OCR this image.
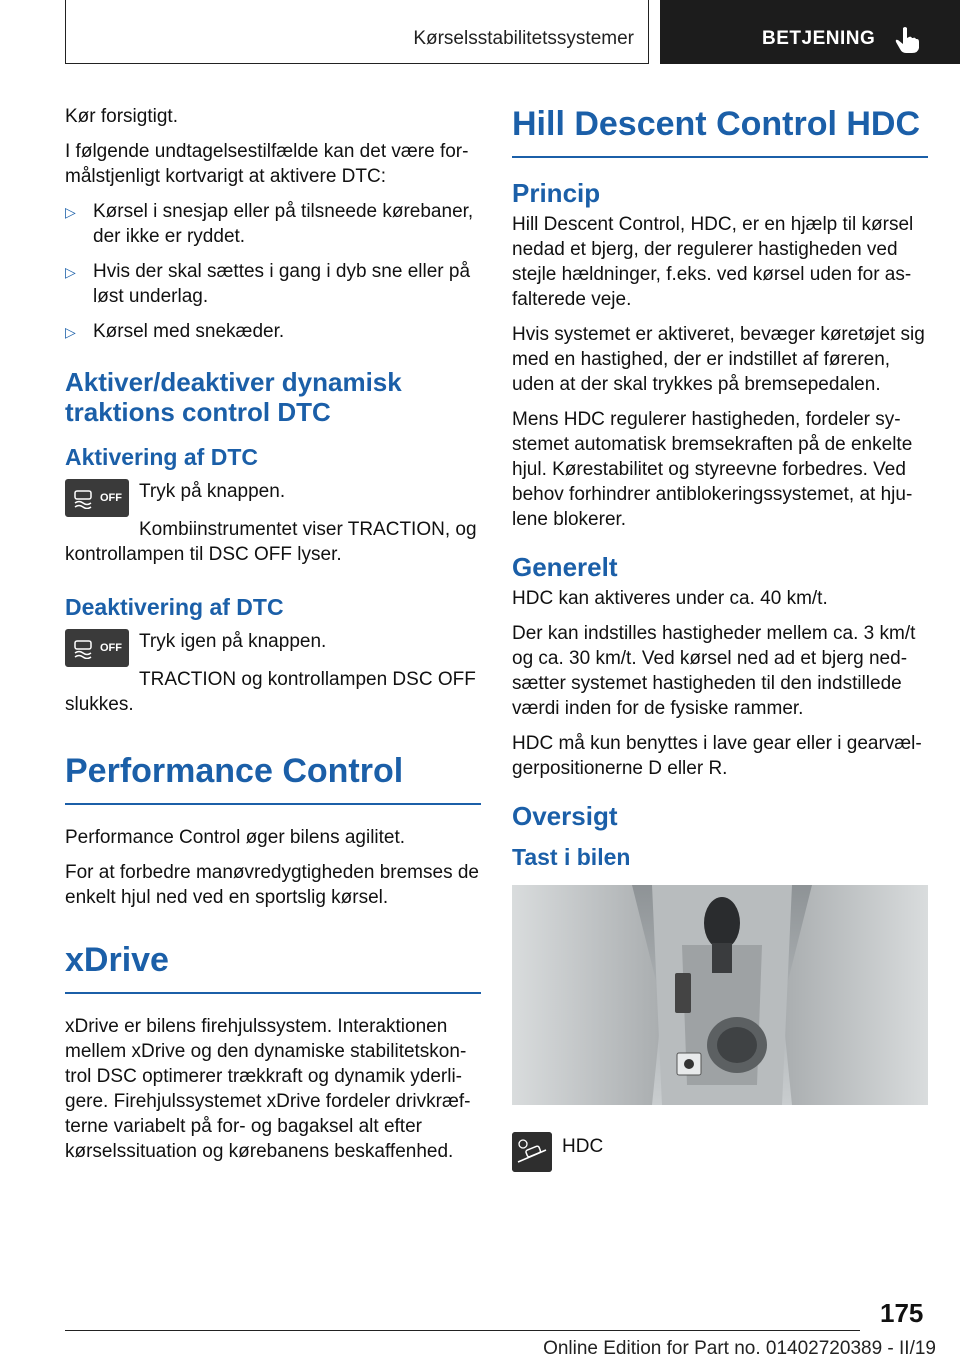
Kørselsstabilitetssystemer	BETJENING

Kør forsigtigt.

I følgende undtagelsestilfælde kan det være formålstjenligt kortvarigt at aktivere DTC:

▷ Kørsel i snesjap eller på tilsneede kørebaner, der ikke er ryddet.
▷ Hvis der skal sættes i gang i dyb sne eller på løst underlag.
▷ Kørsel med snekæder.
Aktiver/deaktiver dynamisk traktions control DTC
Aktivering af DTC
OFF Tryk på knappen.

Kombiinstrumentet viser TRACTION, og kontrollampen til DSC OFF lyser.

Deaktivering af DTC
OFF Tryk igen på knappen.

TRACTION og kontrollampen DSC OFF slukkes.

Performance Control

Performance Control øger bilens agilitet.

For at forbedre manøvredygtigheden bremses de enkelt hjul ned ved en sportslig kørsel.

xDrive

xDrive er bilens firehjulssystem. Interaktionen mellem xDrive og den dynamiske stabilitetskontrol DSC optimerer trækkraft og dynamik yderligere. Firehjulssystemet xDrive fordeler drivkræfterne variabelt på for- og bagaksel alt efter kørselssituation og kørebanens beskaffenhed.

Hill Descent Control HDC
Princip

Hill Descent Control, HDC, er en hjælp til kørsel nedad et bjerg, der regulerer hastigheden ved stejle hældninger, f.eks. ved kørsel uden for asfalterede veje.

Hvis systemet er aktiveret, bevæger køretøjet sig med en hastighed, der er indstillet af føreren, uden at der skal trykkes på bremsepedalen.

Mens HDC regulerer hastigheden, fordeler systemet automatisk bremsekraften på de enkelte hjul. Kørestabilitet og styreevne forbedres. Ved behov forhindrer antiblokeringssystemet, at hjulene blokerer.

Generelt

HDC kan aktiveres under ca. 40 km/t.

Der kan indstilles hastigheder mellem ca. 3 km/t og ca. 30 km/t. Ved kørsel ned ad et bjerg nedsætter systemet hastigheden til den indstillede værdi inden for de fysiske rammer.

HDC må kun benyttes i lave gear eller i gearvælgerpositionerne D eller R.

Oversigt
Tast i bilen

HDC

175
Online Edition for Part no. 01402720389 - II/19
